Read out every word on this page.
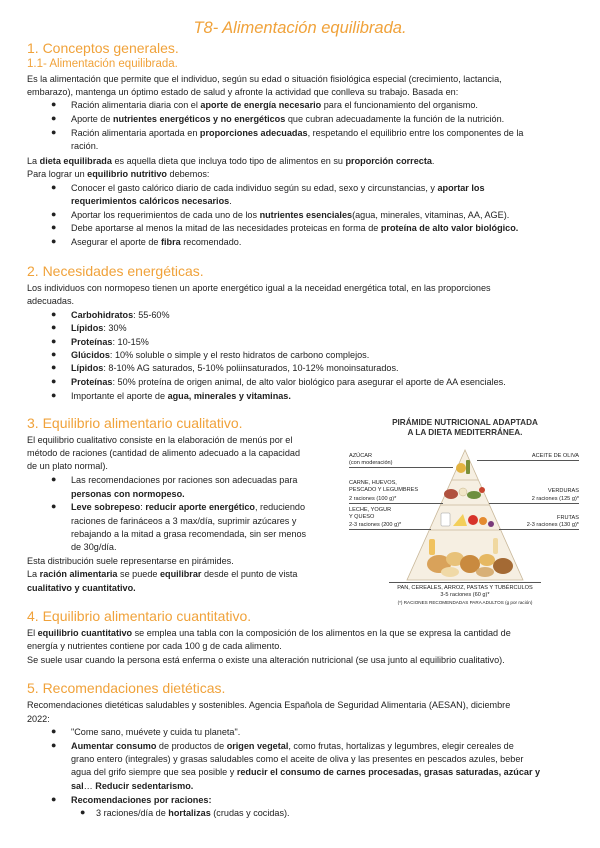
T8- Alimentación equilibrada.
1. Conceptos generales.
1.1- Alimentación equilibrada.
Es la alimentación que permite que el individuo, según su edad o situación fisiológica especial (crecimiento, lactancia,
embarazo), mantenga un óptimo estado de salud y afronte la actividad que conlleva su trabajo. Basada en:
● Ración alimentaria diaria con el aporte de energía necesario para el funcionamiento del organismo.
● Aporte de nutrientes energéticos y no energéticos que cubran adecuadamente la función de la nutrición.
● Ración alimentaria aportada en proporciones adecuadas, respetando el equilibrio entre los componentes de la
ración.
La dieta equilibrada es aquella dieta que incluya todo tipo de alimentos en su proporción correcta.
Para lograr un equilibrio nutritivo debemos:
● Conocer el gasto calórico diario de cada individuo según su edad, sexo y circunstancias, y aportar los
requerimientos calóricos necesarios.
● Aportar los requerimientos de cada uno de los nutrientes esenciales(agua, minerales, vitaminas, AA, AGE).
● Debe aportarse al menos la mitad de las necesidades proteicas en forma de proteína de alto valor biológico.
● Asegurar el aporte de fibra recomendado.
2. Necesidades energéticas.
Los individuos con normopeso tienen un aporte energético igual a la neceidad energética total, en las proporciones
adecuadas.
● Carbohidratos: 55-60%
● Lípidos: 30%
● Proteínas: 10-15%
● Glúcidos: 10% soluble o simple y el resto hidratos de carbono complejos.
● Lípidos: 8-10% AG saturados, 5-10% poliinsaturados, 10-12% monoinsaturados.
● Proteínas: 50% proteína de origen animal, de alto valor biológico para asegurar el aporte de AA esenciales.
● Importante el aporte de agua, minerales y vitaminas.
3. Equilibrio alimentario cualitativo.
El equilibrio cualitativo consiste en la elaboración de menús por el
método de raciones (cantidad de alimento adecuado a la capacidad
de un plato normal).
● Las recomendaciones por raciones son adecuadas para
personas con normopeso.
● Leve sobrepeso: reducir aporte energético, reduciendo
raciones de farináceos a 3 max/día, suprimir azúcares y
rebajando a la mitad a grasa recomendada, sin ser menos
de 30g/día.
Esta distribución suele representarse en pirámides.
La ración alimentaria se puede equilibrar desde el punto de vista
cualitativo y cuantitativo.
PIRÁMIDE NUTRICIONAL ADAPTADA
A LA DIETA MEDITERRÁNEA.
AZÚCAR
(con moderación)
ACEITE DE OLIVA
CARNE, HUEVOS,
PESCADO Y LEGUMBRES
2 raciones (100 g)*
VERDURAS
2 raciones (125 g)*
LECHE, YOGUR
Y QUESO
2-3 raciones (200 g)*
FRUTAS
2-3 raciones (130 g)*
PAN, CEREALES, ARROZ, PASTAS Y TUBÉRCULOS
3-5 raciones (60 g)*
(*) RACIONES RECOMENDADAS PARA ADULTOS (g por ración)
4. Equilibrio alimentario cuantitativo.
El equilibrio cuantitativo se emplea una tabla con la composición de los alimentos en la que se expresa la cantidad de
energía y nutrientes contiene por cada 100 g de cada alimento.
Se suele usar cuando la persona está enferma o existe una alteración nutricional (se usa junto al equilibrio cualitativo).
5. Recomendaciones dietéticas.
Recomendaciones dietéticas saludables y sostenibles. Agencia Española de Seguridad Alimentaria (AESAN), diciembre
2022:
● "Come sano, muévete y cuida tu planeta".
● Aumentar consumo de productos de origen vegetal, como frutas, hortalizas y legumbres, elegir cereales de
grano entero (integrales) y grasas saludables como el aceite de oliva y las presentes en pescados azules, beber
agua del grifo siempre que sea posible y reducir el consumo de carnes procesadas, grasas saturadas, azúcar y
sal… Reducir sedentarismo.
● Recomendaciones por raciones:
● 3 raciones/día de hortalizas (crudas y cocidas).
